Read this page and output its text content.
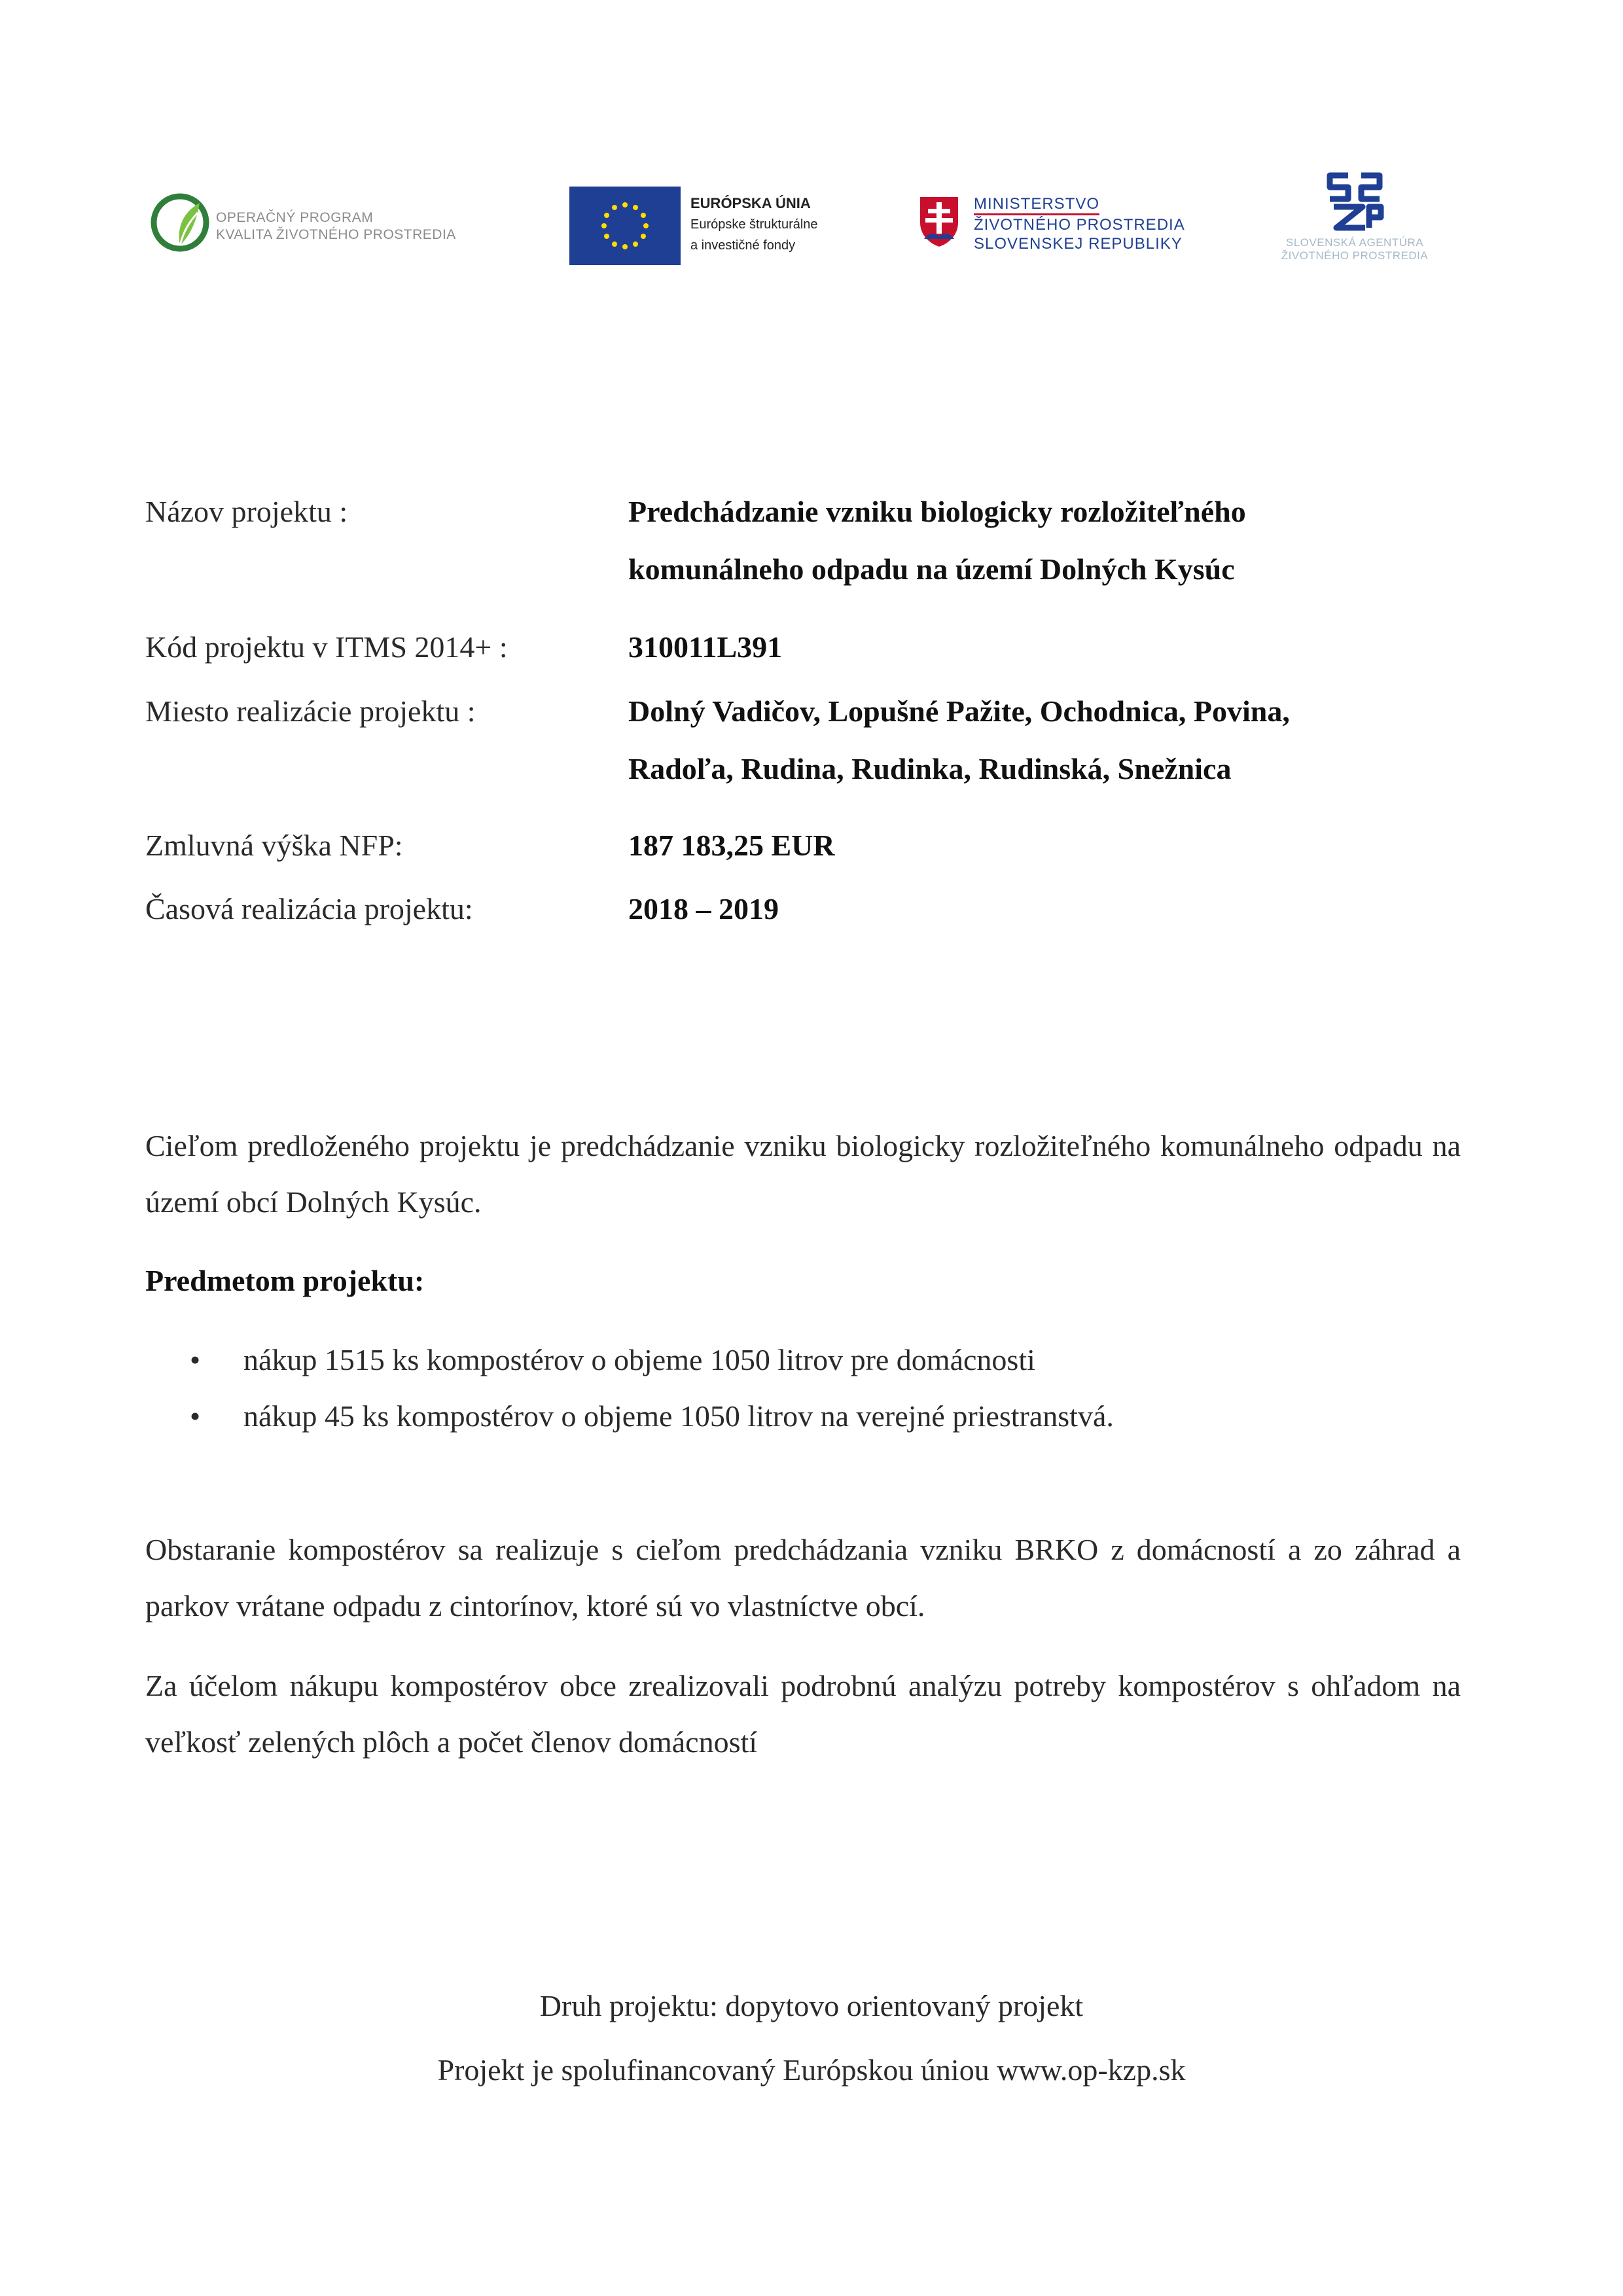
OPERAČNÝ PROGRAM
KVALITA ŽIVOTNÉHO PROSTREDIA
EURÓPSKA ÚNIA
Európske štrukturálne
a investičné fondy
MINISTERSTVO
ŽIVOTNÉHO PROSTREDIA
SLOVENSKEJ REPUBLIKY	SLOVENSKÁ AGENTÚRA
ŽIVOTNÉHO PROSTREDIA
Názov projektu :	Predchádzanie vzniku biologicky rozložiteľného
komunálneho odpadu na území Dolných Kysúc
Kód projektu v ITMS 2014+ :	310011L391
Miesto realizácie projektu :	Dolný Vadičov, Lopušné Pažite, Ochodnica, Povina,
Radoľa, Rudina, Rudinka, Rudinská, Snežnica
Zmluvná výška NFP:	187 183,25 EUR
Časová realizácia projektu:	2018 – 2019
Cieľom predloženého projektu je predchádzanie vzniku biologicky rozložiteľného komunálneho odpadu na území obcí Dolných Kysúc.
Predmetom projektu:
• nákup 1515 ks kompostérov o objeme 1050 litrov pre domácnosti
• nákup 45 ks kompostérov o objeme 1050 litrov na verejné priestranstvá.
Obstaranie kompostérov sa realizuje s cieľom predchádzania vzniku BRKO z domácností a zo záhrad a parkov vrátane odpadu z cintorínov, ktoré sú vo vlastníctve obcí.
Za účelom nákupu kompostérov obce zrealizovali podrobnú analýzu potreby kompostérov s ohľadom na veľkosť zelených plôch a počet členov domácností
Druh projektu: dopytovo orientovaný projekt
Projekt je spolufinancovaný Európskou úniou www.op-kzp.sk
